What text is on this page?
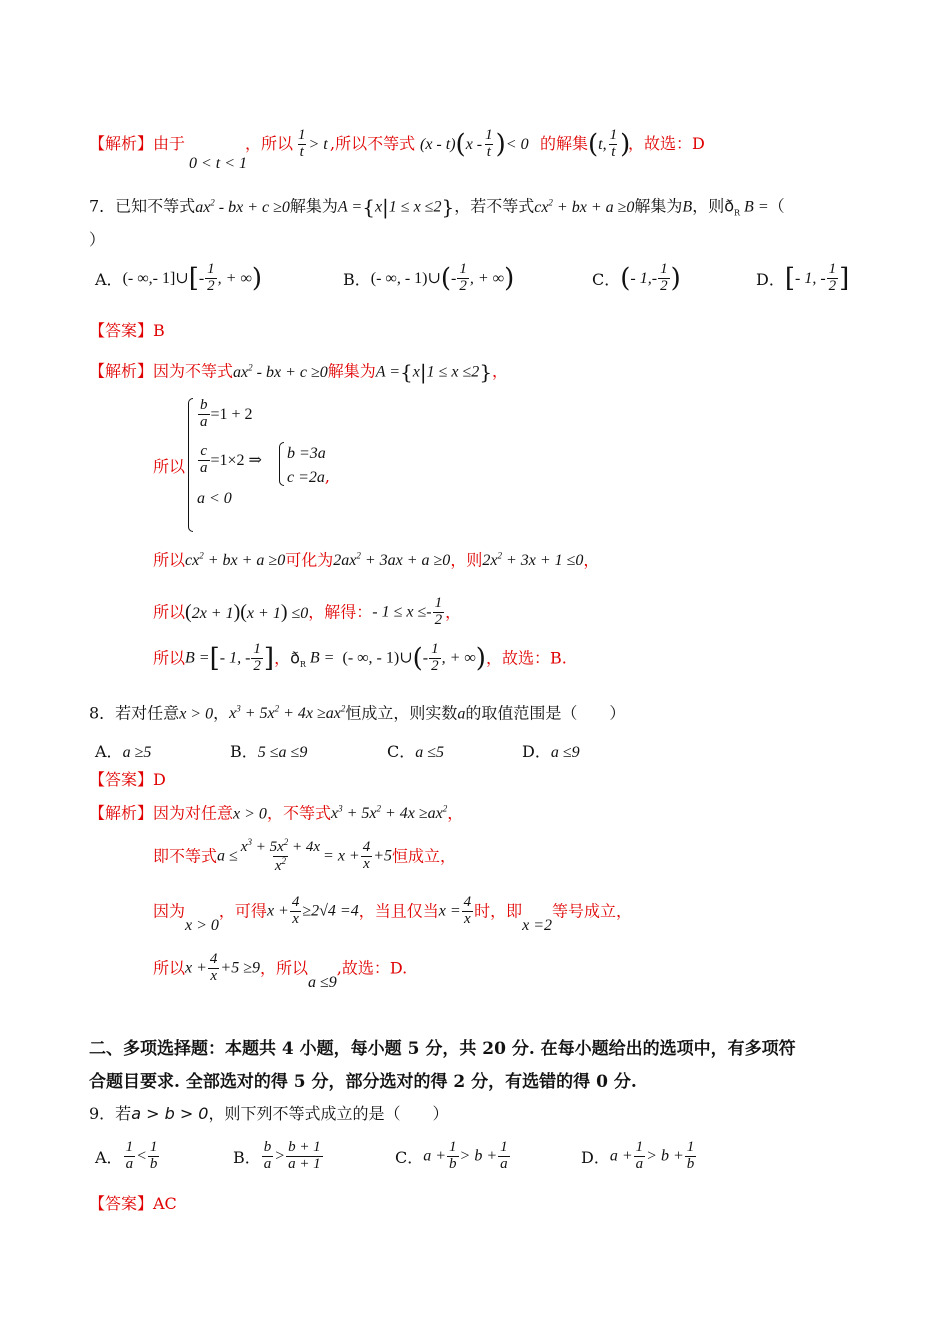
【解析】由于
0 < t < 1
，所以 $\frac{1}{t} > t$ ,所以不等式 $(x - t)(x - \frac{1}{t}$ )< 0 的解集 (t, $\frac{1}{t}$ )
，故选：D
7．已知不等式$ax^2$ - bx + c ≥0解集为A ={x|1 ≤ x ≤2}，若不等式$cx^2$ + bx + a ≥0解集为B，则$ð_R$ B =（
）
A．(- ∞,- 1]∪[- $\frac{1}{2}$ , + ∞)	B．(- ∞, - 1)∪(- $\frac{1}{2}$ , + ∞)	C．(- $1,- \frac{1}{2}$ )	D．[- 1, - $\frac{1}{2}$ ]
【答案】B
【解析】因为不等式$ax^2$ - bx + c ≥0解集为A ={x|1 ≤ x ≤2}，
所以
$\frac{b}{a} =1 + 2$
$\frac{c}{a} =1\times 2$ ⇒
a < 0
b =3a
c =2a,
所以$cx^2$ + bx + a ≥0可化为$2ax^2 + 3ax + a \ge 0$，则$2x^2 + 3x + 1 \le 0$，
所以(2x + 1)(x + 1) ≤0，解得：- $1 \le x \le- \frac{1}{2}$ ，
所以B =[- 1, - $\frac{1}{2}$ ]，$ð_R$ B =  (- ∞, - 1)∪(- $\frac{1}{2}$ , + ∞)，故选：B.
8．若对任意x > 0，$x^3 + 5x^2 + 4x \ge ax^2$恒成立，则实数a的取值范围是（　　）
A．a ≥5	B．5 ≤a ≤9	C．a ≤5	D．a ≤9
【答案】D
【解析】因为对任意x > 0，不等式$x^3 + 5x^2 + 4x \ge ax^2$，
即不等式$a \le \frac{x^3 + 5x^2 + 4x}{x^2} = x + \frac{4}{x} +5$恒成立，
因为x > 0，可得$x + \frac{4}{x} \ge 2√4 =4$，当且仅当$x = \frac{4}{x}$ 时，即x =2等号成立，
所以$x + \frac{4}{x} +5 \ge 9$，所以a ≤9,故选：D.
二、多项选择题：本题共 4 小题，每小题 5 分，共 20 分. 在每小题给出的选项中，有多项符
合题目要求. 全部选对的得 5 分，部分选对的得 2 分，有选错的得 0 分.
9．若a > b > 0，则下列不等式成立的是（　　）
A． $\frac{1}{a} < \frac{1}{b}$	B． $\frac{b}{a} > \frac{b + 1}{a + 1}$	C．$a + \frac{1}{b} > b + \frac{1}{a}$	D．$a + \frac{1}{a} > b + \frac{1}{b}$
【答案】AC
